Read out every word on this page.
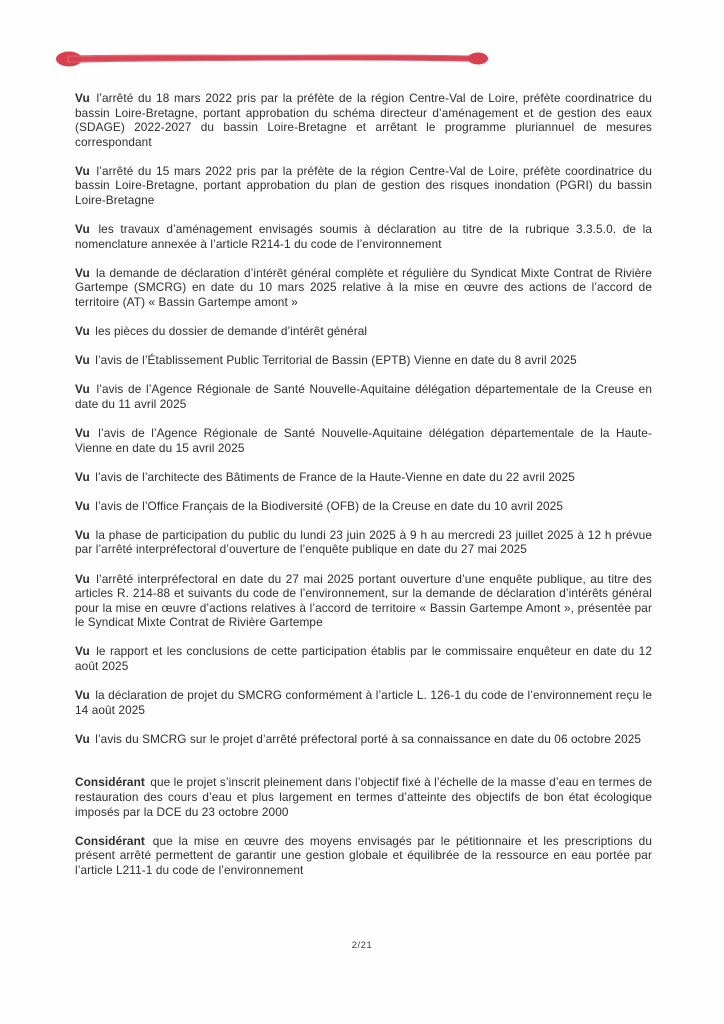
Vu l’arrêté du 18 mars 2022 pris par la préfète de la région Centre-Val de Loire, préfète coordinatrice du bassin Loire-Bretagne, portant approbation du schéma directeur d’aménagement et de gestion des eaux (SDAGE) 2022-2027 du bassin Loire-Bretagne et arrêtant le programme pluriannuel de mesures correspondant

Vu l’arrêté du 15 mars 2022 pris par la préfète de la région Centre-Val de Loire, préfète coordinatrice du bassin Loire-Bretagne, portant approbation du plan de gestion des risques inondation (PGRI) du bassin Loire-Bretagne

Vu les travaux d’aménagement envisagés soumis à déclaration au titre de la rubrique 3.3.5.0. de la nomenclature annexée à l’article R214-1 du code de l’environnement

Vu la demande de déclaration d’intérêt général complète et régulière du Syndicat Mixte Contrat de Rivière Gartempe (SMCRG) en date du 10 mars 2025 relative à la mise en œuvre des actions de l’accord de territoire (AT) « Bassin Gartempe amont »

Vu les pièces du dossier de demande d’intérêt général

Vu l’avis de l’Établissement Public Territorial de Bassin (EPTB) Vienne en date du 8 avril 2025

Vu l’avis de l’Agence Régionale de Santé Nouvelle-Aquitaine délégation départementale de la Creuse en date du 11 avril 2025

Vu l’avis de l’Agence Régionale de Santé Nouvelle-Aquitaine délégation départementale de la Haute-Vienne en date du 15 avril 2025

Vu l’avis de l’architecte des Bâtiments de France de la Haute-Vienne en date du 22 avril 2025

Vu l’avis de l’Office Français de la Biodiversité (OFB) de la Creuse en date du 10 avril 2025

Vu la phase de participation du public du lundi 23 juin 2025 à 9 h au mercredi 23 juillet 2025 à 12 h prévue par l’arrêté interpréfectoral d’ouverture de l’enquête publique en date du 27 mai 2025

Vu l’arrêté interpréfectoral en date du 27 mai 2025 portant ouverture d’une enquête publique, au titre des articles R. 214-88 et suivants du code de l’environnement, sur la demande de déclaration d’intérêts général pour la mise en œuvre d’actions relatives à l’accord de territoire « Bassin Gartempe Amont », présentée par le Syndicat Mixte Contrat de Rivière Gartempe

Vu le rapport et les conclusions de cette participation établis par le commissaire enquêteur en date du 12 août 2025

Vu la déclaration de projet du SMCRG conformément à l’article L. 126-1 du code de l’environnement reçu le 14 août 2025

Vu l’avis du SMCRG sur le projet d’arrêté préfectoral porté à sa connaissance en date du 06 octobre 2025

Considérant que le projet s’inscrit pleinement dans l’objectif fixé à l’échelle de la masse d’eau en termes de restauration des cours d’eau et plus largement en termes d’atteinte des objectifs de bon état écologique imposés par la DCE du 23 octobre 2000

Considérant que la mise en œuvre des moyens envisagés par le pétitionnaire et les prescriptions du présent arrêté permettent de garantir une gestion globale et équilibrée de la ressource en eau portée par l’article L211-1 du code de l’environnement

2/21
